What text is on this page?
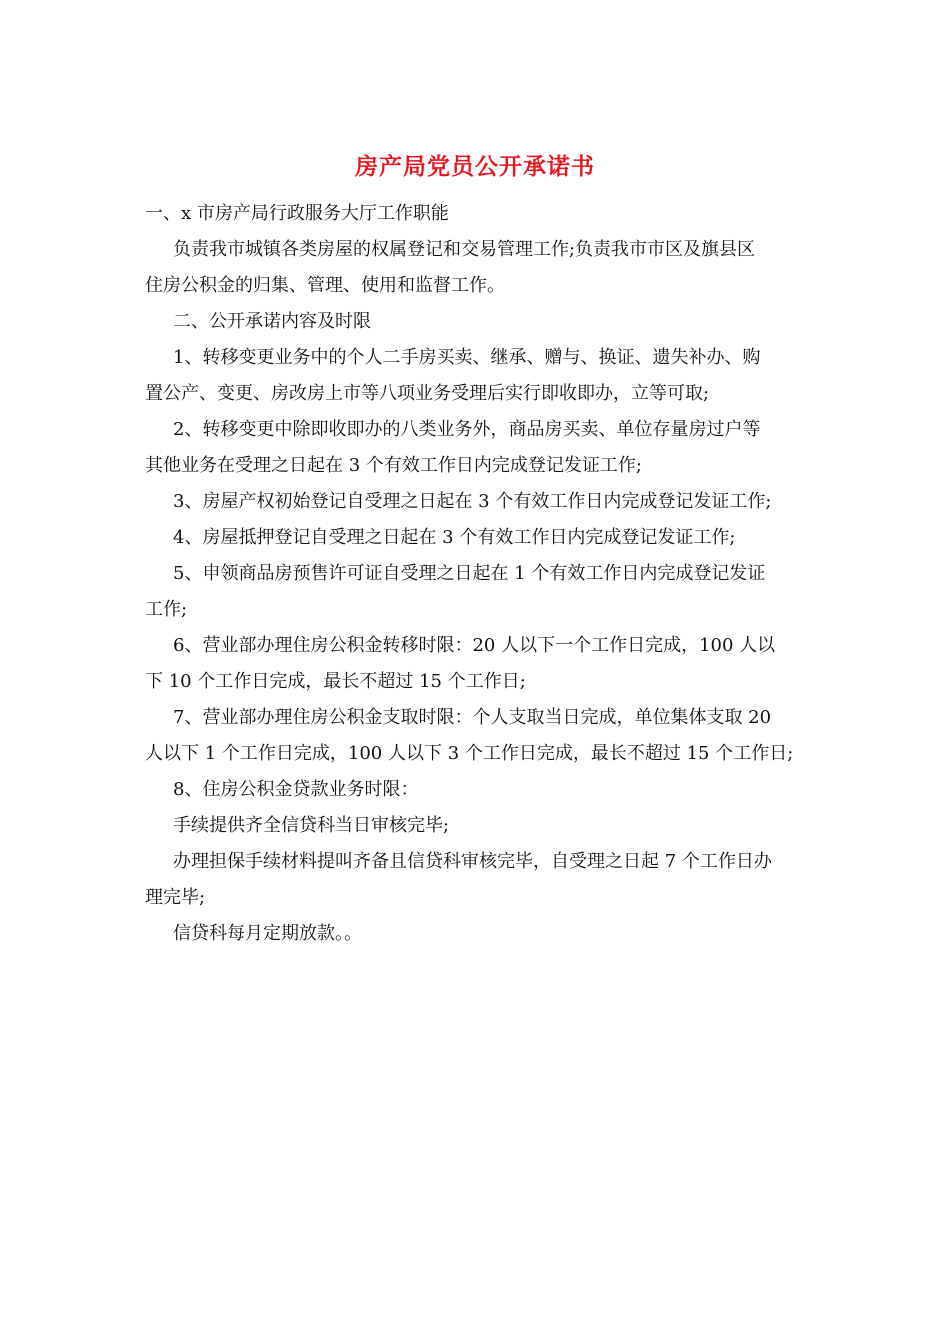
房产局党员公开承诺书
一、x 市房产局行政服务大厅工作职能
负责我市城镇各类房屋的权属登记和交易管理工作;负责我市市区及旗县区
住房公积金的归集、管理、使用和监督工作。
二、公开承诺内容及时限
1、转移变更业务中的个人二手房买卖、继承、赠与、换证、遗失补办、购
置公产、变更、房改房上市等八项业务受理后实行即收即办，立等可取;
2、转移变更中除即收即办的八类业务外，商品房买卖、单位存量房过户等
其他业务在受理之日起在 3 个有效工作日内完成登记发证工作;
3、房屋产权初始登记自受理之日起在 3 个有效工作日内完成登记发证工作;
4、房屋抵押登记自受理之日起在 3 个有效工作日内完成登记发证工作;
5、申领商品房预售许可证自受理之日起在 1 个有效工作日内完成登记发证
工作;
6、营业部办理住房公积金转移时限：20 人以下一个工作日完成，100 人以
下 10 个工作日完成，最长不超过 15 个工作日;
7、营业部办理住房公积金支取时限：个人支取当日完成，单位集体支取 20
人以下 1 个工作日完成，100 人以下 3 个工作日完成，最长不超过 15 个工作日;
8、住房公积金贷款业务时限：
手续提供齐全信贷科当日审核完毕;
办理担保手续材料提叫齐备且信贷科审核完毕，自受理之日起 7 个工作日办
理完毕;
信贷科每月定期放款。。
